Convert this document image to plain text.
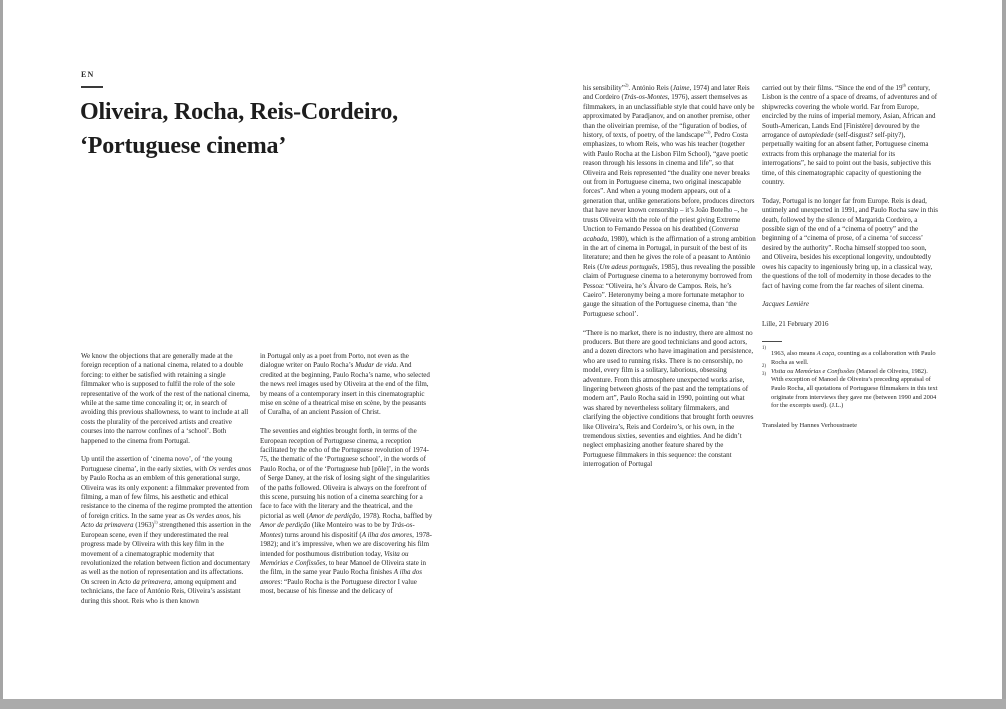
EN
Oliveira, Rocha, Reis-Cordeiro,
‘Portuguese cinema’

We know the objections that are generally made at the foreign reception of a national cinema, related to a double forcing: to either be satisfied with retaining a single filmmaker who is supposed to fulfil the role of the sole representative of the work of the rest of the national cinema, while at the same time concealing it; or, in search of avoiding this previous shallowness, to want to include at all costs the plurality of the perceived artists and creative courses into the narrow confines of a ‘school’. Both happened to the cinema from Portugal.

Up until the assertion of ‘cinema novo’, of ‘the young Portuguese cinema’, in the early sixties, with Os verdes anos by Paulo Rocha as an emblem of this generational surge, Oliveira was its only exponent: a filmmaker prevented from filming, a man of few films, his aesthetic and ethical resistance to the cinema of the regime prompted the attention of foreign critics. In the same year as Os verdes anos, his Acto da primavera $(1963)^{1)}$ strengthened this assertion in the European scene, even if they underestimated the real progress made by Oliveira with this key film in the movement of a cinematographic modernity that revolutionized the relation between fiction and documentary as well as the notion of representation and its affectations. On screen in Acto da primavera, among equipment and technicians, the face of António Reis, Oliveira’s assistant during this shoot. Reis who is then known

in Portugal only as a poet from Porto, not even as the dialogue writer on Paulo Rocha’s Mudar de vida. And credited at the beginning, Paulo Rocha’s name, who selected the news reel images used by Oliveira at the end of the film, by means of a contemporary insert in this cinematographic mise en scène of a theatrical mise en scène, by the peasants of Curalha, of an ancient Passion of Christ.

The seventies and eighties brought forth, in terms of the European reception of Portuguese cinema, a reception facilitated by the echo of the Portuguese revolution of 1974-75, the thematic of the ‘Portuguese school’, in the words of Paulo Rocha, or of the ‘Portuguese hub [pôle]’, in the words of Serge Daney, at the risk of losing sight of the singularities of the paths followed. Oliveira is always on the forefront of this scene, pursuing his notion of a cinema searching for a face to face with the literary and the theatrical, and the pictorial as well (Amor de perdição, 1978). Rocha, baffled by Amor de perdição (like Monteiro was to be by Trás-os-Montes) turns around his dispositif (A ilha dos amores, 1978-1982); and it’s impressive, when we are discovering his film intended for posthumous distribution today, Visita ou Memórias e Confissões, to hear Manoel de Oliveira state in the film, in the same year Paulo Rocha finishes A ilha dos amores: “Paulo Rocha is the Portuguese director I value most, because of his finesse and the delicacy of

his sensibility”$^{2)}$. António Reis (Jaime, 1974) and later Reis and Cordeiro (Trás-os-Montes, 1976), assert themselves as filmmakers, in an unclassifiable style that could have only be approximated by Paradjanov, and on another premise, other than the oliveirian premise, of the “figuration of bodies, of history, of texts, of poetry, of the landscape”$^{3)}$, Pedro Costa emphasizes, to whom Reis, who was his teacher (together with Paulo Rocha at the Lisbon Film School), “gave poetic reason through his lessons in cinema and life”, so that Oliveira and Reis represented “the duality one never breaks out from in Portuguese cinema, two original inescapable forces”. And when a young modern appears, out of a generation that, unlike generations before, produces directors that have never known censorship – it’s João Botelho –, he trusts Oliveira with the role of the priest giving Extreme Unction to Fernando Pessoa on his deathbed (Conversa acabada, 1980), which is the affirmation of a strong ambition in the art of cinema in Portugal, in pursuit of the best of its literature; and then he gives the role of a peasant to António Reis (Um adeus português, 1985), thus revealing the possible claim of Portuguese cinema to a heteronymy borrowed from Pessoa: “Oliveira, he’s Álvaro de Campos. Reis, he’s Caeiro”. Heteronymy being a more fortunate metaphor to gauge the situation of the Portuguese cinema, than ‘the Portuguese school’.

“There is no market, there is no industry, there are almost no producers. But there are good technicians and good actors, and a dozen directors who have imagination and persistence, who are used to running risks. There is no censorship, no model, every film is a solitary, laborious, obsessing adventure. From this atmosphere unexpected works arise, lingering between ghosts of the past and the temptations of modern art”, Paulo Rocha said in 1990, pointing out what was shared by nevertheless solitary filmmakers, and clarifying the objective conditions that brought forth oeuvres like Oliveira’s, Reis and Cordeiro’s, or his own, in the tremendous sixties, seventies and eighties. And he didn’t neglect emphasizing another feature shared by the Portuguese filmmakers in this sequence: the constant interrogation of Portugal

carried out by their films. “Since the end of the 19th century, Lisbon is the centre of a space of dreams, of adventures and of shipwrecks covering the whole world. Far from Europe, encircled by the ruins of imperial memory, Asian, African and South-American, Lands End [Finistère] devoured by the arrogance of autopiedade (self-disgust? self-pity?), perpetually waiting for an absent father, Portuguese cinema extracts from this orphanage the material for its interrogations”, he said to point out the basis, subjective this time, of this cinematographic capacity of questioning the country.

Today, Portugal is no longer far from Europe. Reis is dead, untimely and unexpected in 1991, and Paulo Rocha saw in this death, followed by the silence of Margarida Cordeiro, a possible sign of the end of a “cinema of poetry” and the beginning of a “cinema of prose, of a cinema ‘of success’ desired by the authority”. Rocha himself stopped too soon, and Oliveira, besides his exceptional longevity, undoubtedly owes his capacity to ingeniously bring up, in a classical way, the questions of the toll of modernity in those decades to the fact of having come from the far reaches of silent cinema.

Jacques Lemière
Lille, 21 February 2016
1)
1963, also means A caça, counting as a collaboration with Paulo Rocha as well.
2)
Visita ou Memórias e Confissões (Manoel de Oliveira, 1982).
3)
With exception of Manoel de Oliveira’s preceding appraisal of Paulo Rocha, all quotations of Portuguese filmmakers in this text originate from interviews they gave me (between 1990 and 2004 for the excerpts used). (J.L.)
Translated by Hannes Verhoustraete
